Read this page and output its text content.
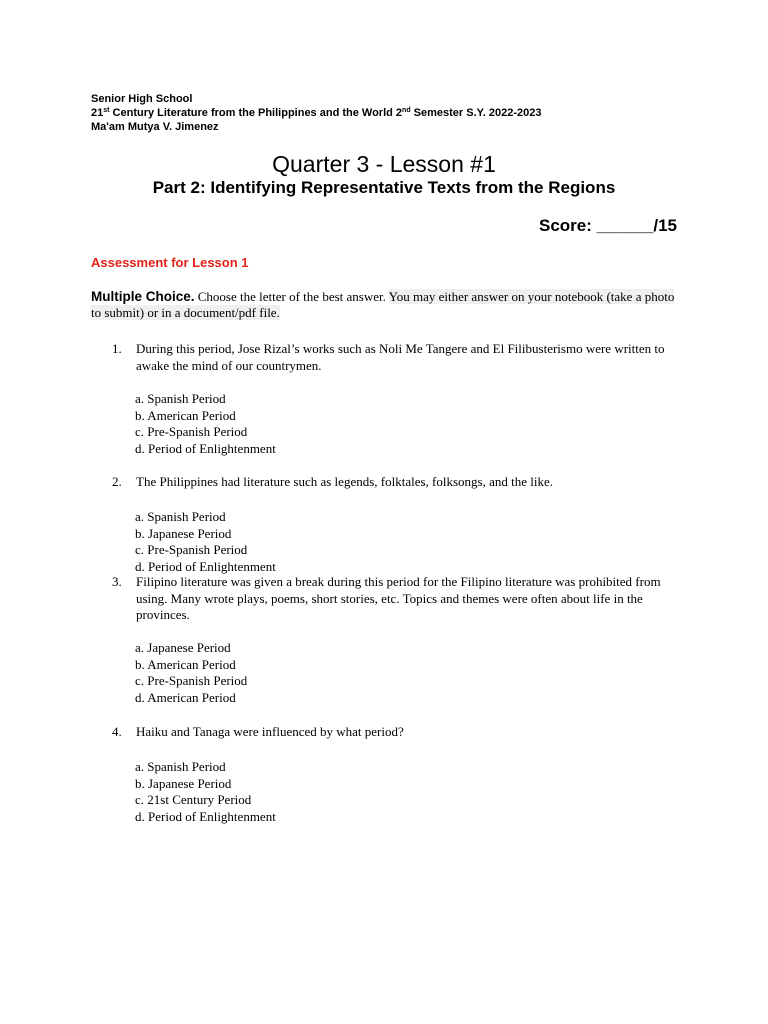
Senior High School
21st Century Literature from the Philippines and the World 2nd Semester S.Y. 2022-2023
Ma'am Mutya V. Jimenez
Quarter 3 - Lesson #1
Part 2: Identifying Representative Texts from the Regions
Score: ______/15
Assessment for Lesson 1
Multiple Choice. Choose the letter of the best answer. You may either answer on your notebook (take a photo to submit) or in a document/pdf file.
1. During this period, Jose Rizal’s works such as Noli Me Tangere and El Filibusterismo were written to awake the mind of our countrymen.
a. Spanish Period
b. American Period
c. Pre-Spanish Period
d. Period of Enlightenment
2. The Philippines had literature such as legends, folktales, folksongs, and the like.
a. Spanish Period
b. Japanese Period
c. Pre-Spanish Period
d. Period of Enlightenment
3. Filipino literature was given a break during this period for the Filipino literature was prohibited from using. Many wrote plays, poems, short stories, etc. Topics and themes were often about life in the provinces.
a. Japanese Period
b. American Period
c. Pre-Spanish Period
d. American Period
4. Haiku and Tanaga were influenced by what period?
a. Spanish Period
b. Japanese Period
c. 21st Century Period
d. Period of Enlightenment
